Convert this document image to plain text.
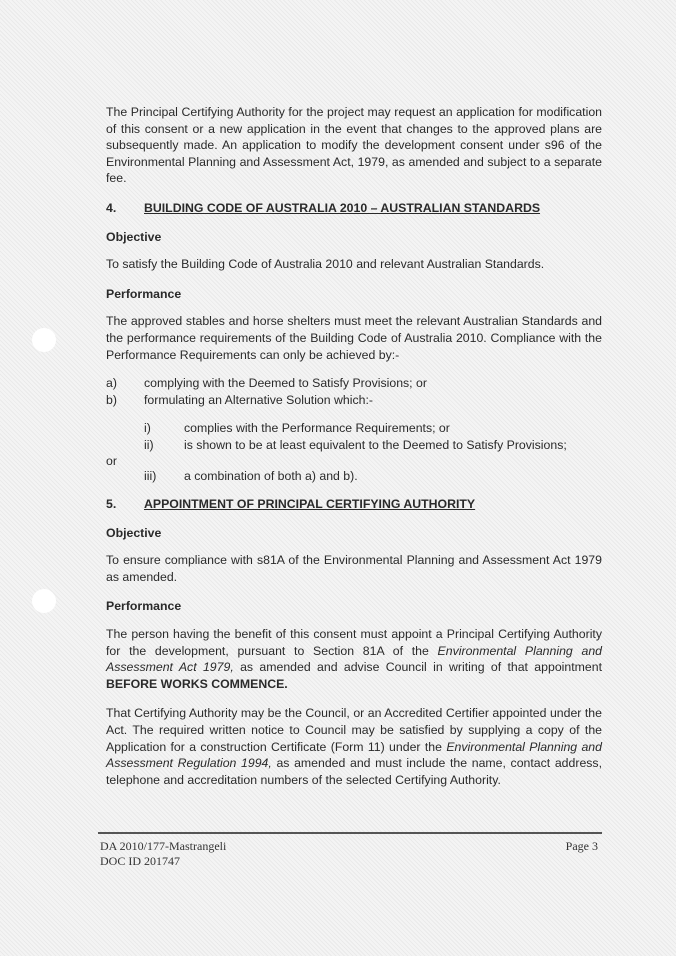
The Principal Certifying Authority for the project may request an application for modification of this consent or a new application in the event that changes to the approved plans are subsequently made. An application to modify the development consent under s96 of the Environmental Planning and Assessment Act, 1979, as amended and subject to a separate fee.

4.	BUILDING CODE OF AUSTRALIA 2010 – AUSTRALIAN STANDARDS
Objective

To satisfy the Building Code of Australia 2010 and relevant Australian Standards.

Performance

The approved stables and horse shelters must meet the relevant Australian Standards and the performance requirements of the Building Code of Australia 2010. Compliance with the Performance Requirements can only be achieved by:-

a)	complying with the Deemed to Satisfy Provisions; or
b)	formulating an Alternative Solution which:-
i)	complies with the Performance Requirements; or
ii)	is shown to be at least equivalent to the Deemed to Satisfy Provisions;
or
iii)	a combination of both a) and b).
5.	APPOINTMENT OF PRINCIPAL CERTIFYING AUTHORITY
Objective

To ensure compliance with s81A of the Environmental Planning and Assessment Act 1979 as amended.

Performance

The person having the benefit of this consent must appoint a Principal Certifying Authority for the development, pursuant to Section 81A of the Environmental Planning and Assessment Act 1979, as amended and advise Council in writing of that appointment BEFORE WORKS COMMENCE.

That Certifying Authority may be the Council, or an Accredited Certifier appointed under the Act. The required written notice to Council may be satisfied by supplying a copy of the Application for a construction Certificate (Form 11) under the Environmental Planning and Assessment Regulation 1994, as amended and must include the name, contact address, telephone and accreditation numbers of the selected Certifying Authority.

DA 2010/177-Mastrangeli
DOC ID 201747
Page 3
